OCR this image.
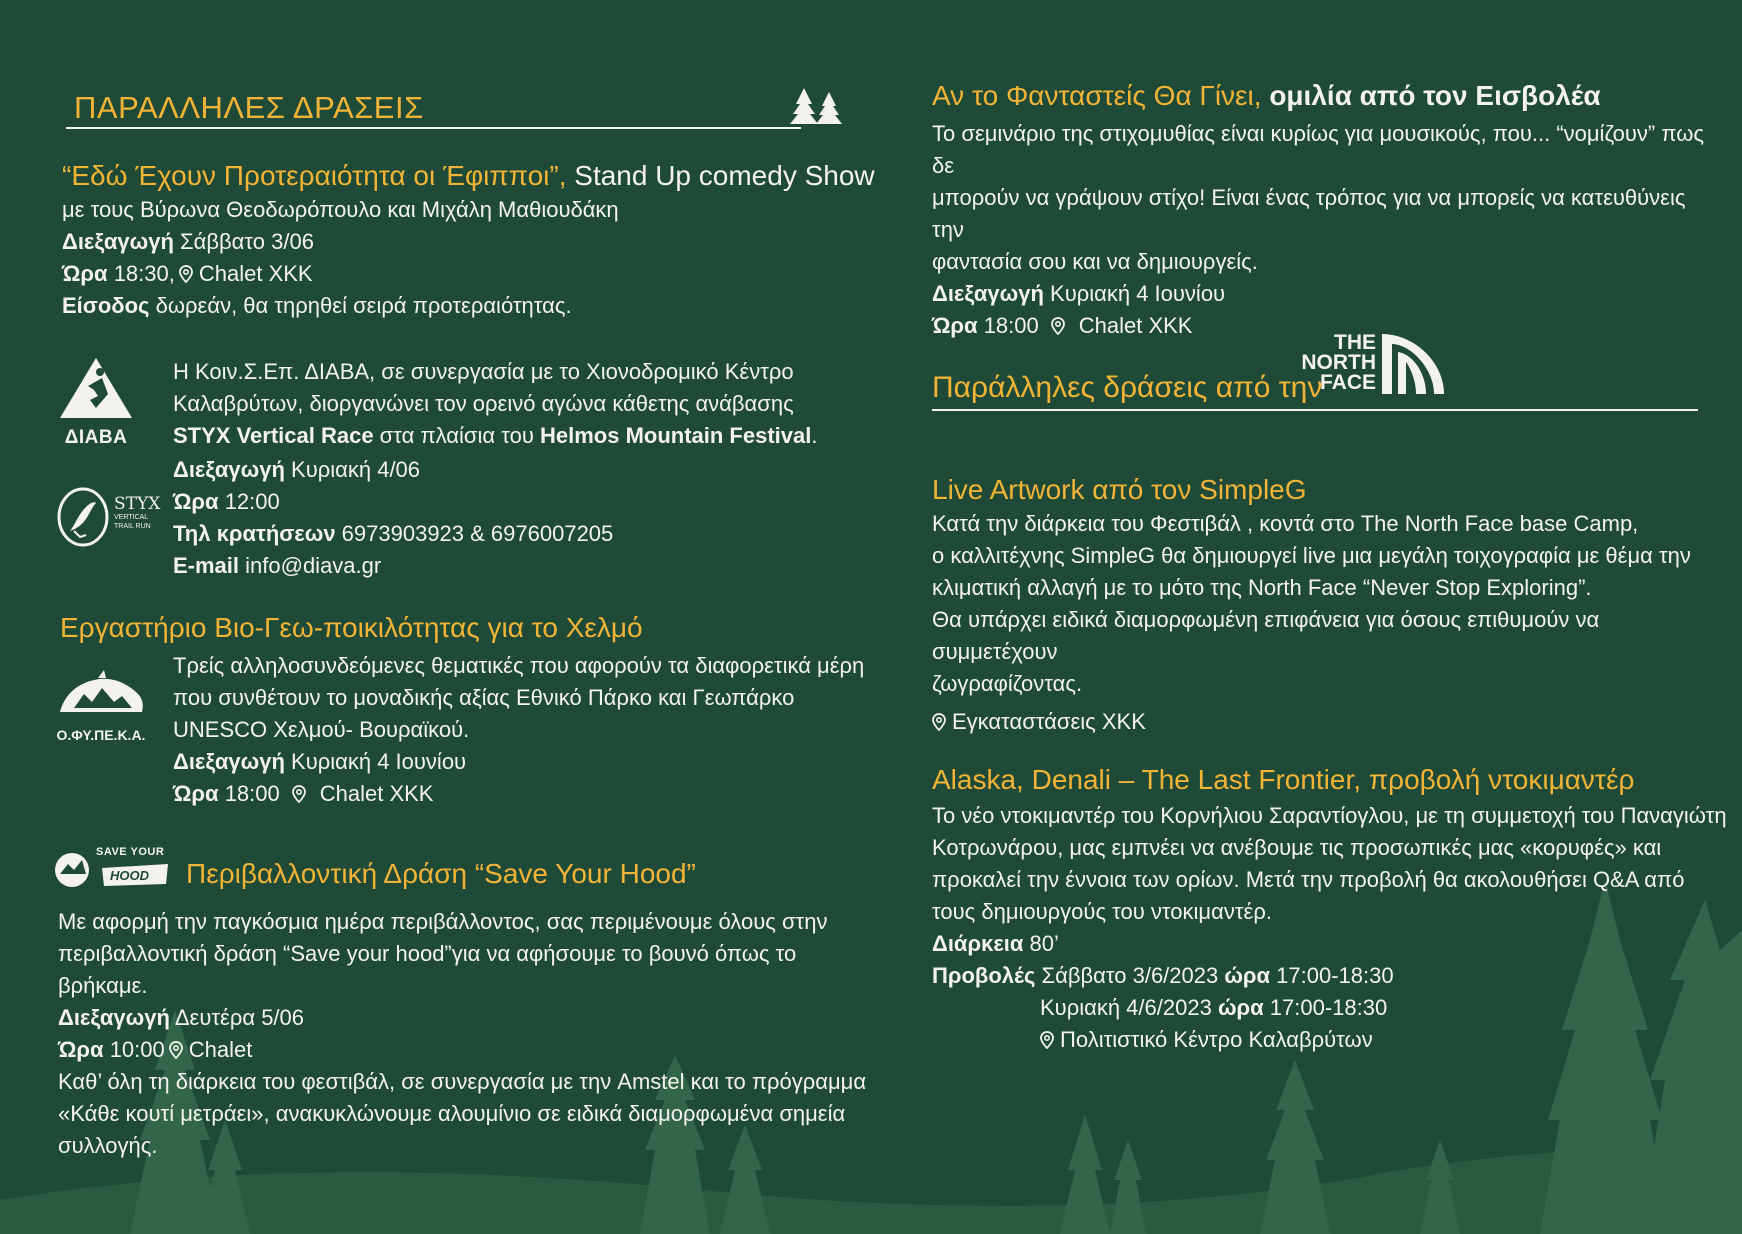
ΠΑΡΑΛΛΗΛΕΣ ΔΡΑΣΕΙΣ
“Εδώ Έχουν Προτεραιότητα οι Έφιπποι”, Stand Up comedy Show

με τους Βύρωνα Θεοδωρόπουλο και Μιχάλη Μαθιουδάκη

Διεξαγωγή Σάββατο 3/06

Ώρα 18:30, Chalet ΧΚΚ

Είσοδος δωρεάν, θα τηρηθεί σειρά προτεραιότητας.

ΔΙΑΒΑ
STYX
VERTICAL
TRAIL RUN

Η Κοιν.Σ.Επ. ΔΙΑΒΑ, σε συνεργασία με το Χιονοδρομικό Κέντρο

Καλαβρύτων, διοργανώνει τον ορεινό αγώνα κάθετης ανάβασης

STYX Vertical Race στα πλαίσια του Helmos Mountain Festival.

Διεξαγωγή Κυριακή 4/06

Ώρα 12:00

Τηλ κρατήσεων 6973903923 & 6976007205

E-mail info@diava.gr

Εργαστήριο Βιο-Γεω-ποικιλότητας για το Χελμό
Ο.ΦΥ.ΠΕ.Κ.Α.

Τρείς αλληλοσυνδεόμενες θεματικές που αφορούν τα διαφορετικά μέρη

που συνθέτουν το μοναδικής αξίας Εθνικό Πάρκο και Γεωπάρκο

UNESCO Χελμού- Βουραϊκού.

Διεξαγωγή Κυριακή 4 Ιουνίου

Ώρα 18:00 Chalet ΧΚΚ

SAVE YOUR
HOOD Περιβαλλοντική Δράση “Save Your Hood”

Με αφορμή την παγκόσμια ημέρα περιβάλλοντος, σας περιμένουμε όλους στην

περιβαλλοντική δράση “Save your hood”για να αφήσουμε το βουνό όπως το βρήκαμε.

Διεξαγωγή Δευτέρα 5/06

Ώρα 10:00 Chalet

Καθ’ όλη τη διάρκεια του φεστιβάλ, σε συνεργασία με την Amstel και το πρόγραμμα

«Κάθε κουτί μετράει», ανακυκλώνουμε αλουμίνιο σε ειδικά διαμορφωμένα σημεία

συλλογής.

Αν το Φανταστείς Θα Γίνει, ομιλία από τον Εισβολέα

Το σεμινάριο της στιχομυθίας είναι κυρίως για μουσικούς, που... “νομίζουν” πως δε

μπορούν να γράψουν στίχο! Είναι ένας τρόπος για να μπορείς να κατευθύνεις την

φαντασία σου και να δημιουργείς.

Διεξαγωγή Κυριακή 4 Ιουνίου

Ώρα 18:00 Chalet ΧΚΚ

Παράλληλες δράσεις από την
THE
NORTH
FACE
Live Artwork από τον SimpleG

Κατά την διάρκεια του Φεστιβάλ , κοντά στο The North Face base Camp,

ο καλλιτέχνης SimpleG θα δημιουργεί live μια μεγάλη τοιχογραφία με θέμα την

κλιματική αλλαγή με το μότο της North Face “Never Stop Exploring”.

Θα υπάρχει ειδικά διαμορφωμένη επιφάνεια για όσους επιθυμούν να συμμετέχουν

ζωγραφίζοντας.

Εγκαταστάσεις ΧΚΚ

Alaska, Denali – The Last Frontier, προβολή ντοκιμαντέρ

Το νέο ντοκιμαντέρ του Κορνήλιου Σαραντίογλου, με τη συμμετοχή του Παναγιώτη

Κοτρωνάρου, μας εμπνέει να ανέβουμε τις προσωπικές μας «κορυφές» και

προκαλεί την έννοια των ορίων. Μετά την προβολή θα ακολουθήσει Q&A από

τους δημιουργούς του ντοκιμαντέρ.

Διάρκεια 80’

Προβολές Σάββατο 3/6/2023 ώρα 17:00-18:30

Κυριακή 4/6/2023 ώρα 17:00-18:30

Πολιτιστικό Κέντρο Καλαβρύτων
